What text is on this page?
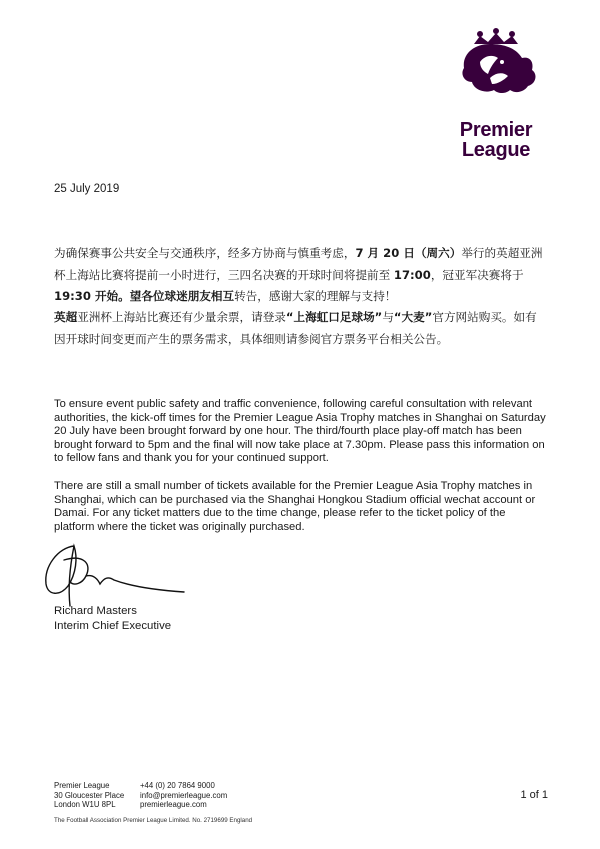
Premier
League
25 July 2019

为确保赛事公共安全与交通秩序，经多方协商与慎重考虑，7 月 20 日（周六）举行的英超亚洲杯上海站比赛将提前一小时进行，三四名决赛的开球时间将提前至 17:00，冠亚军决赛将于 19:30 开始。望各位球迷朋友相互转告，感谢大家的理解与支持！

英超亚洲杯上海站比赛还有少量余票，请登录“上海虹口足球场”与“大麦”官方网站购买。如有因开球时间变更而产生的票务需求，具体细则请参阅官方票务平台相关公告。

To ensure event public safety and traffic convenience, following careful consultation with relevant authorities, the kick-off times for the Premier League Asia Trophy matches in Shanghai on Saturday 20 July have been brought forward by one hour. The third/fourth place play-off match has been brought forward to 5pm and the final will now take place at 7.30pm. Please pass this information on to fellow fans and thank you for your continued support.

There are still a small number of tickets available for the Premier League Asia Trophy matches in Shanghai, which can be purchased via the Shanghai Hongkou Stadium official wechat account or Damai. For any ticket matters due to the time change, please refer to the ticket policy of the platform where the ticket was originally purchased.

Richard Masters
Interim Chief Executive
Premier League
30 Gloucester Place
London W1U 8PL
+44 (0) 20 7864 9000
info@premierleague.com
premierleague.com
1 of 1
The Football Association Premier League Limited. No. 2719699 England
